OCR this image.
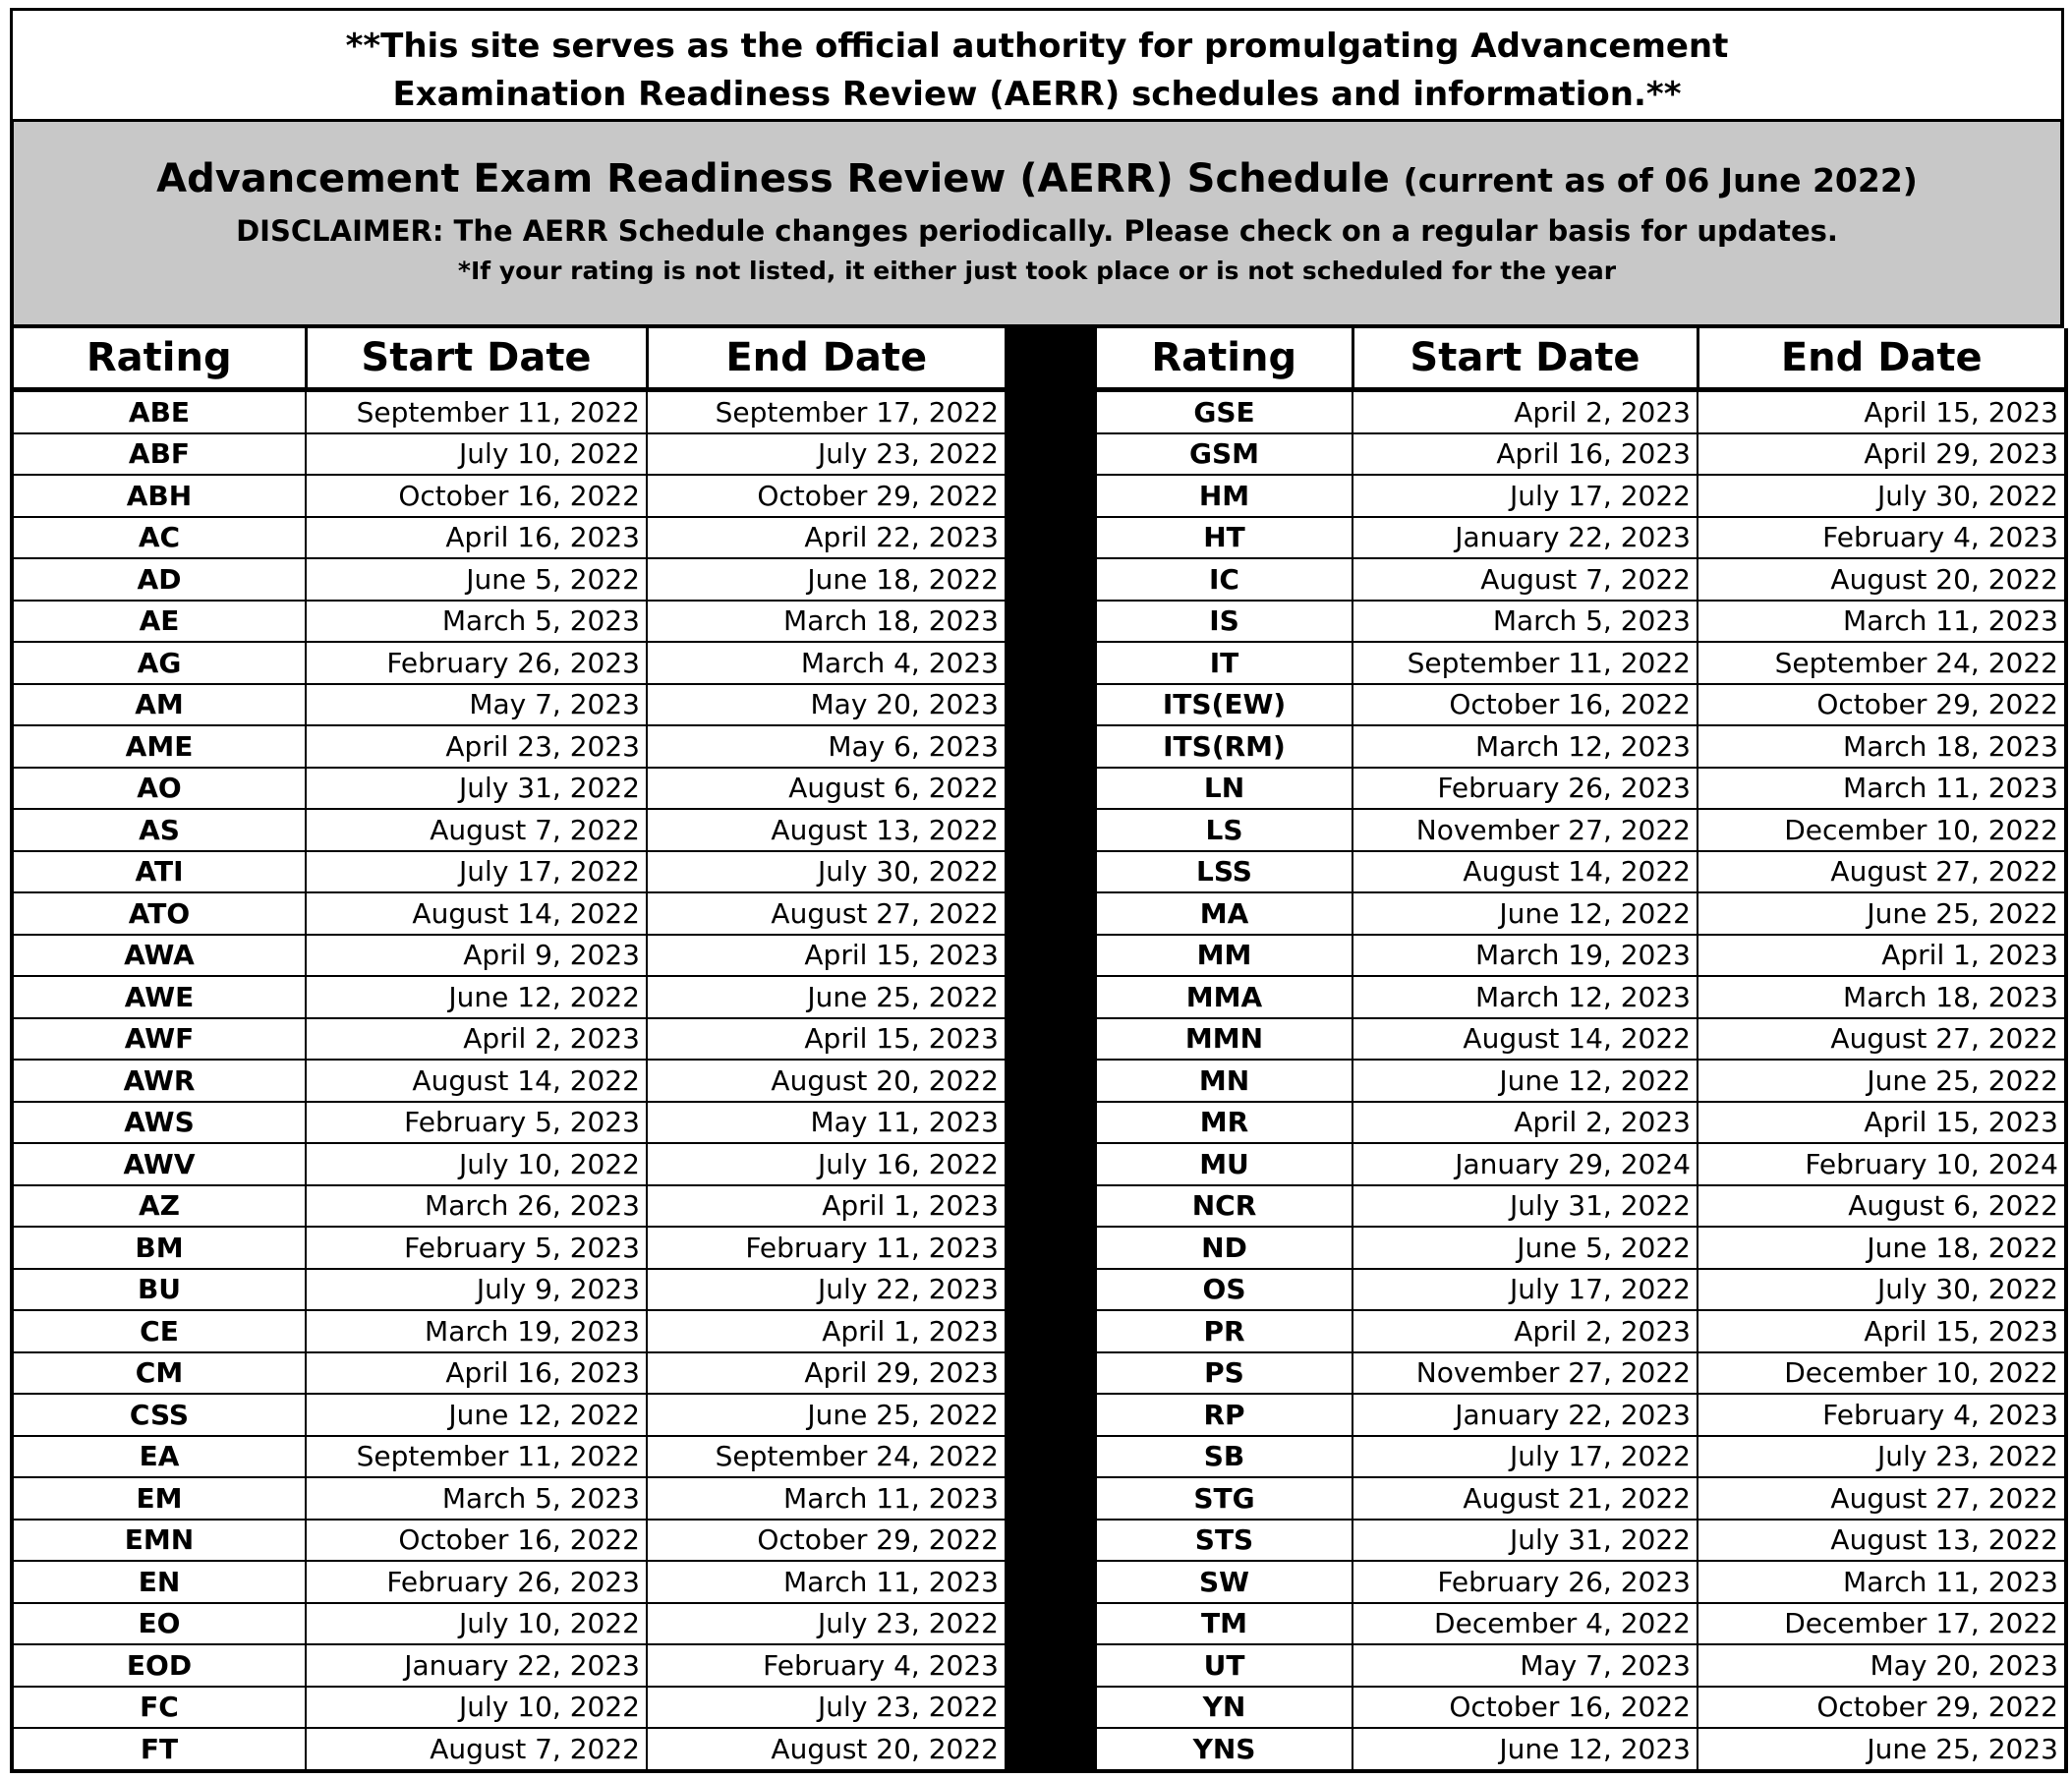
**This site serves as the official authority for promulgating Advancement
Examination Readiness Review (AERR) schedules and information.**
Advancement Exam Readiness Review (AERR) Schedule (current as of 06 June 2022)
DISCLAIMER: The AERR Schedule changes periodically. Please check on a regular basis for updates.
*If your rating is not listed, it either just took place or is not scheduled for the year
Rating	Start Date	End Date
ABE	September 11, 2022	September 17, 2022
ABF	July 10, 2022	July 23, 2022
ABH	October 16, 2022	October 29, 2022
AC	April 16, 2023	April 22, 2023
AD	June 5, 2022	June 18, 2022
AE	March 5, 2023	March 18, 2023
AG	February 26, 2023	March 4, 2023
AM	May 7, 2023	May 20, 2023
AME	April 23, 2023	May 6, 2023
AO	July 31, 2022	August 6, 2022
AS	August 7, 2022	August 13, 2022
ATI	July 17, 2022	July 30, 2022
ATO	August 14, 2022	August 27, 2022
AWA	April 9, 2023	April 15, 2023
AWE	June 12, 2022	June 25, 2022
AWF	April 2, 2023	April 15, 2023
AWR	August 14, 2022	August 20, 2022
AWS	February 5, 2023	May 11, 2023
AWV	July 10, 2022	July 16, 2022
AZ	March 26, 2023	April 1, 2023
BM	February 5, 2023	February 11, 2023
BU	July 9, 2023	July 22, 2023
CE	March 19, 2023	April 1, 2023
CM	April 16, 2023	April 29, 2023
CSS	June 12, 2022	June 25, 2022
EA	September 11, 2022	September 24, 2022
EM	March 5, 2023	March 11, 2023
EMN	October 16, 2022	October 29, 2022
EN	February 26, 2023	March 11, 2023
EO	July 10, 2022	July 23, 2022
EOD	January 22, 2023	February 4, 2023
FC	July 10, 2022	July 23, 2022
FT	August 7, 2022	August 20, 2022
Rating	Start Date	End Date
GSE	April 2, 2023	April 15, 2023
GSM	April 16, 2023	April 29, 2023
HM	July 17, 2022	July 30, 2022
HT	January 22, 2023	February 4, 2023
IC	August 7, 2022	August 20, 2022
IS	March 5, 2023	March 11, 2023
IT	September 11, 2022	September 24, 2022
ITS(EW)	October 16, 2022	October 29, 2022
ITS(RM)	March 12, 2023	March 18, 2023
LN	February 26, 2023	March 11, 2023
LS	November 27, 2022	December 10, 2022
LSS	August 14, 2022	August 27, 2022
MA	June 12, 2022	June 25, 2022
MM	March 19, 2023	April 1, 2023
MMA	March 12, 2023	March 18, 2023
MMN	August 14, 2022	August 27, 2022
MN	June 12, 2022	June 25, 2022
MR	April 2, 2023	April 15, 2023
MU	January 29, 2024	February 10, 2024
NCR	July 31, 2022	August 6, 2022
ND	June 5, 2022	June 18, 2022
OS	July 17, 2022	July 30, 2022
PR	April 2, 2023	April 15, 2023
PS	November 27, 2022	December 10, 2022
RP	January 22, 2023	February 4, 2023
SB	July 17, 2022	July 23, 2022
STG	August 21, 2022	August 27, 2022
STS	July 31, 2022	August 13, 2022
SW	February 26, 2023	March 11, 2023
TM	December 4, 2022	December 17, 2022
UT	May 7, 2023	May 20, 2023
YN	October 16, 2022	October 29, 2022
YNS	June 12, 2023	June 25, 2023
